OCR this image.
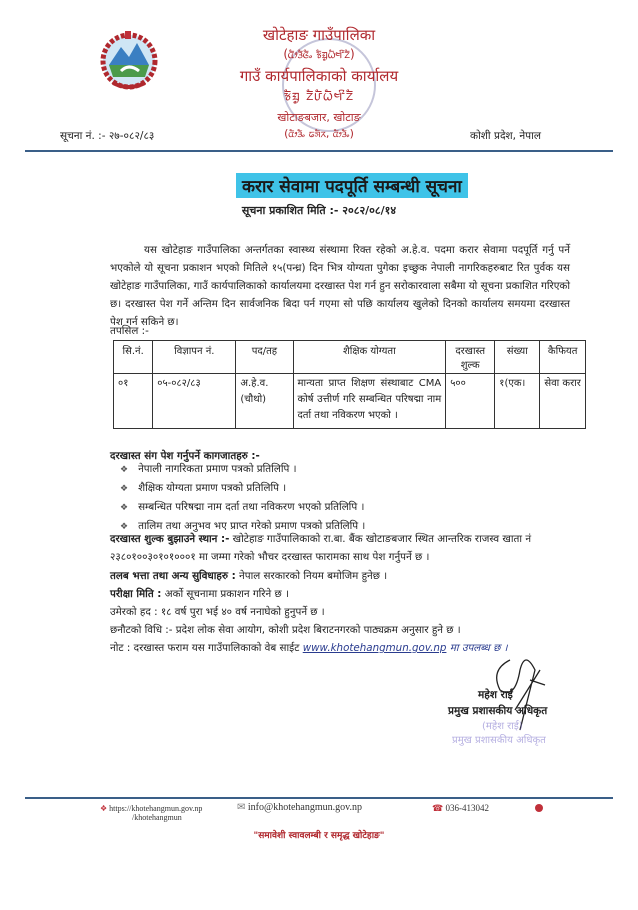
खोटेहाङ गाउँपालिका
(ᤂᤥᤋᤠᤜᤠᤱ ᤃᤠᤀᤢᤐᤠᤗᤡᤁᤠ)
गाउँ कार्यपालिकाको कार्यालय
ᤃᤠᤀᤢ ᤁᤠᤙᤠᤐᤠᤗᤡᤁᤠ
खोटाङबजार, खोटाङ
(ᤂᤥᤋᤠᤱ ᤒᤈᤠᤖ, ᤂᤥᤋᤠᤱ)
सूचना नं. :- २७-०८२/८३	कोशी प्रदेश, नेपाल
करार सेवामा पदपूर्ति सम्बन्धी सूचना
सूचना प्रकाशित मिति :- २०८२/०८/१४
यस खोटेहाङ गाउँपालिका अन्तर्गतका स्वास्थ्य संस्थामा रिक्त रहेको अ.हे.व. पदमा करार सेवामा पदपूर्ति गर्नु पर्ने भएकोले यो सूचना प्रकाशन भएको मितिले १५(पन्ध्र) दिन भित्र योग्यता पुगेका इच्छुक नेपाली नागरिकहरुबाट रित पुर्वक यस खोटेहाङ गाउँपालिका, गाउँ कार्यपालिकाको कार्यालयमा दरखास्त पेश गर्न हुन सरोकारवाला सबैमा यो सूचना प्रकाशित गरिएको छ। दरखास्त पेश गर्ने अन्तिम दिन सार्वजनिक बिदा पर्न गएमा सो पछि कार्यालय खुलेको दिनको कार्यालय समयमा दरखास्त पेश गर्न सकिने छ।
तपसिल :-
सि.नं.	विज्ञापन नं.	पद/तह	शैक्षिक योग्यता	दरखास्त शुल्क	संख्या	कैफियत
०१	०५-०८२/८३	अ.हे.व. (चौथो)	मान्यता प्राप्त शिक्षण संस्थाबाट CMA कोर्ष उत्तीर्ण गरि सम्बन्धित परिषद्मा नाम दर्ता तथा नविकरण भएको ।	५००	१(एक।	सेवा करार
दरखास्त संग पेश गर्नुपर्ने कागजातहरु :-
❖ नेपाली नागरिकता प्रमाण पत्रको प्रतिलिपि ।
❖ शैक्षिक योग्यता प्रमाण पत्रको प्रतिलिपि ।
❖ सम्बन्धित परिषद्मा नाम दर्ता तथा नविकरण भएको प्रतिलिपि ।
❖ तालिम तथा अनुभव भए प्राप्त गरेको प्रमाण पत्रको प्रतिलिपि ।
दरखास्त शुल्क बुझाउने स्थान :- खोटेहाङ गाउँपालिकाको रा.बा. बैंक खोटाङबजार स्थित आन्तरिक राजस्व खाता नं २३८०१००३०१०१०००१ मा जम्मा गरेको भौचर दरखास्त फारामका साथ पेश गर्नुपर्ने छ ।
तलब भत्ता तथा अन्य सुविधाहरु : नेपाल सरकारको नियम बमोजिम हुनेछ ।
परीक्षा मिति : अर्को सूचनामा प्रकाशन गरिने छ ।
उमेरको हद : १८ वर्ष पुरा भई ४० वर्ष ननाघेको हुनुपर्ने छ ।
छनौटको विधि :- प्रदेश लोक सेवा आयोग, कोशी प्रदेश बिराटनगरको पाठ्यक्रम अनुसार हुने छ ।
नोट : दरखास्त फराम यस गाउँपालिकाको वेब साईट www.khotehangmun.gov.np मा उपलब्ध छ ।
महेश राई
प्रमुख प्रशासकीय अधिकृत
(महेश राई)
प्रमुख प्रशासकीय अधिकृत
❖ https://khotehangmun.gov.np
/khotehangmun
✉ info@khotehangmun.gov.np	☎ 036-413042
"समावेशी स्वावलम्बी र समृद्ध खोटेहाङ"
